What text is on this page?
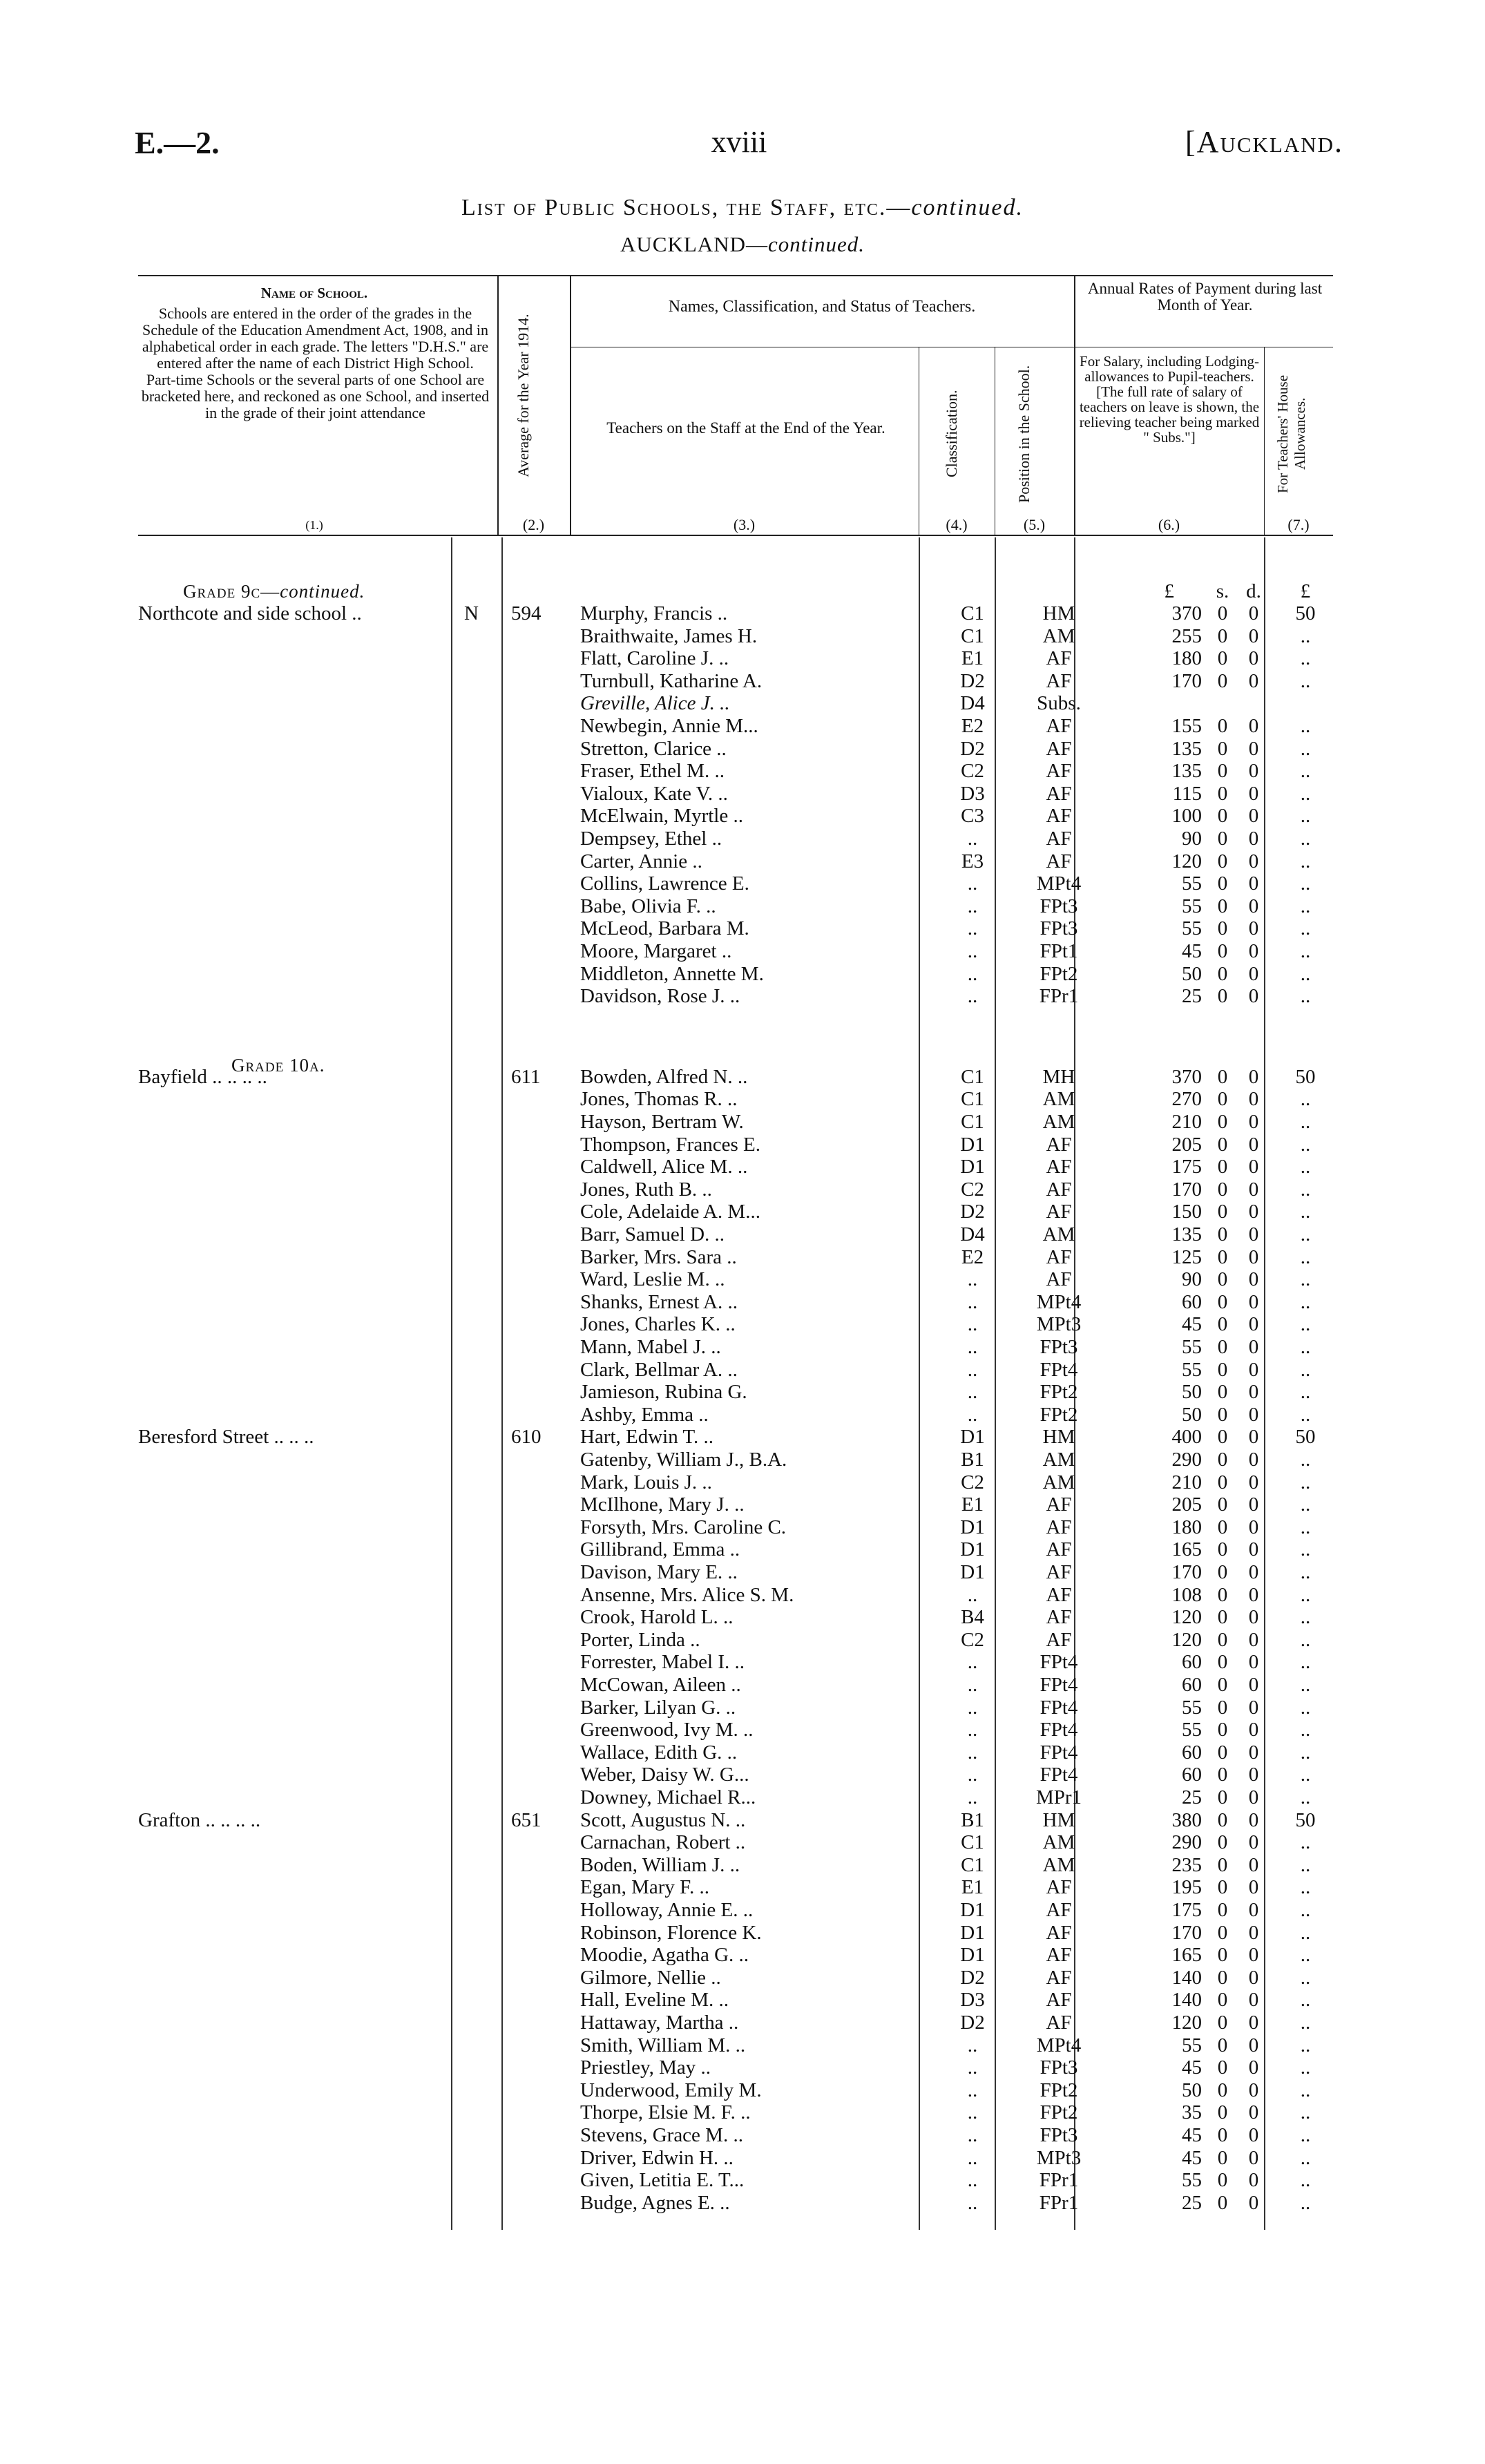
E.—2.	xviii	[Auckland.
List of Public Schools, the Staff, etc.—continued.
AUCKLAND—continued.
Name of School.
Schools are entered in the order of the grades in the Schedule of the Education Amendment Act, 1908, and in alphabetical order in each grade. The letters "D.H.S." are entered after the name of each District High School. Part-time Schools or the several parts of one School are bracketed here, and reckoned as one School, and inserted in the grade of their joint attendance
(1.)
Average for the Year 1914.
(2.)
Names, Classification, and Status of Teachers.
Teachers on the Staff at the End of the Year.
(3.)
Classification.
(4.)
Position in the School.
(5.)
Annual Rates of Payment during last Month of Year.
For Salary, including Lodging-allowances to Pupil-teachers. [The full rate of salary of teachers on leave is shown, the relieving teacher being marked " Subs."]
(6.)
For Teachers' House Allowances.
(7.)
Grade 9c—continued.
Grade 10a.
£ s. d.	£
Northcote and side school ..	N 594 Murphy, Francis ..	C1	HM	370 0 0	50
Braithwaite, James H.	C1	AM	255 0 0	..
Flatt, Caroline J. ..	E1	AF	180 0 0	..
Turnbull, Katharine A.	D2	AF	170 0 0	..
Greville, Alice J. ..	D4	Subs.
Newbegin, Annie M...	E2	AF	155 0 0	..
Stretton, Clarice ..	D2	AF	135 0 0	..
Fraser, Ethel M. ..	C2	AF	135 0 0	..
Vialoux, Kate V. ..	D3	AF	115 0 0	..
McElwain, Myrtle ..	C3	AF	100 0 0	..
Dempsey, Ethel ..	..	AF	90 0 0	..
Carter, Annie ..	E3	AF	120 0 0	..
Collins, Lawrence E.	..	MPt4	55 0 0	..
Babe, Olivia F. ..	..	FPt3	55 0 0	..
McLeod, Barbara M.	..	FPt3	55 0 0	..
Moore, Margaret ..	..	FPt1	45 0 0	..
Middleton, Annette M.	..	FPt2	50 0 0	..
Davidson, Rose J. ..	..	FPr1	25 0 0	..
Bayfield .. .. .. ..	611 Bowden, Alfred N. ..	C1	MH	370 0 0	50
Jones, Thomas R. ..	C1	AM	270 0 0	..
Hayson, Bertram W.	C1	AM	210 0 0	..
Thompson, Frances E.	D1	AF	205 0 0	..
Caldwell, Alice M. ..	D1	AF	175 0 0	..
Jones, Ruth B. ..	C2	AF	170 0 0	..
Cole, Adelaide A. M...	D2	AF	150 0 0	..
Barr, Samuel D. ..	D4	AM	135 0 0	..
Barker, Mrs. Sara ..	E2	AF	125 0 0	..
Ward, Leslie M. ..	..	AF	90 0 0	..
Shanks, Ernest A. ..	..	MPt4	60 0 0	..
Jones, Charles K. ..	..	MPt3	45 0 0	..
Mann, Mabel J. ..	..	FPt3	55 0 0	..
Clark, Bellmar A. ..	..	FPt4	55 0 0	..
Jamieson, Rubina G.	..	FPt2	50 0 0	..
Ashby, Emma ..	..	FPt2	50 0 0	..
Beresford Street .. .. ..	610 Hart, Edwin T. ..	D1	HM	400 0 0	50
Gatenby, William J., B.A.	B1	AM	290 0 0	..
Mark, Louis J. ..	C2	AM	210 0 0	..
McIlhone, Mary J. ..	E1	AF	205 0 0	..
Forsyth, Mrs. Caroline C.	D1	AF	180 0 0	..
Gillibrand, Emma ..	D1	AF	165 0 0	..
Davison, Mary E. ..	D1	AF	170 0 0	..
Ansenne, Mrs. Alice S. M.	..	AF	108 0 0	..
Crook, Harold L. ..	B4	AF	120 0 0	..
Porter, Linda ..	C2	AF	120 0 0	..
Forrester, Mabel I. ..	..	FPt4	60 0 0	..
McCowan, Aileen ..	..	FPt4	60 0 0	..
Barker, Lilyan G. ..	..	FPt4	55 0 0	..
Greenwood, Ivy M. ..	..	FPt4	55 0 0	..
Wallace, Edith G. ..	..	FPt4	60 0 0	..
Weber, Daisy W. G...	..	FPt4	60 0 0	..
Downey, Michael R...	..	MPr1	25 0 0	..
Grafton .. .. .. ..	651 Scott, Augustus N. ..	B1	HM	380 0 0	50
Carnachan, Robert ..	C1	AM	290 0 0	..
Boden, William J. ..	C1	AM	235 0 0	..
Egan, Mary F. ..	E1	AF	195 0 0	..
Holloway, Annie E. ..	D1	AF	175 0 0	..
Robinson, Florence K.	D1	AF	170 0 0	..
Moodie, Agatha G. ..	D1	AF	165 0 0	..
Gilmore, Nellie ..	D2	AF	140 0 0	..
Hall, Eveline M. ..	D3	AF	140 0 0	..
Hattaway, Martha ..	D2	AF	120 0 0	..
Smith, William M. ..	..	MPt4	55 0 0	..
Priestley, May ..	..	FPt3	45 0 0	..
Underwood, Emily M.	..	FPt2	50 0 0	..
Thorpe, Elsie M. F. ..	..	FPt2	35 0 0	..
Stevens, Grace M. ..	..	FPt3	45 0 0	..
Driver, Edwin H. ..	..	MPt3	45 0 0	..
Given, Letitia E. T...	..	FPr1	55 0 0	..
Budge, Agnes E. ..	..	FPr1	25 0 0	..
